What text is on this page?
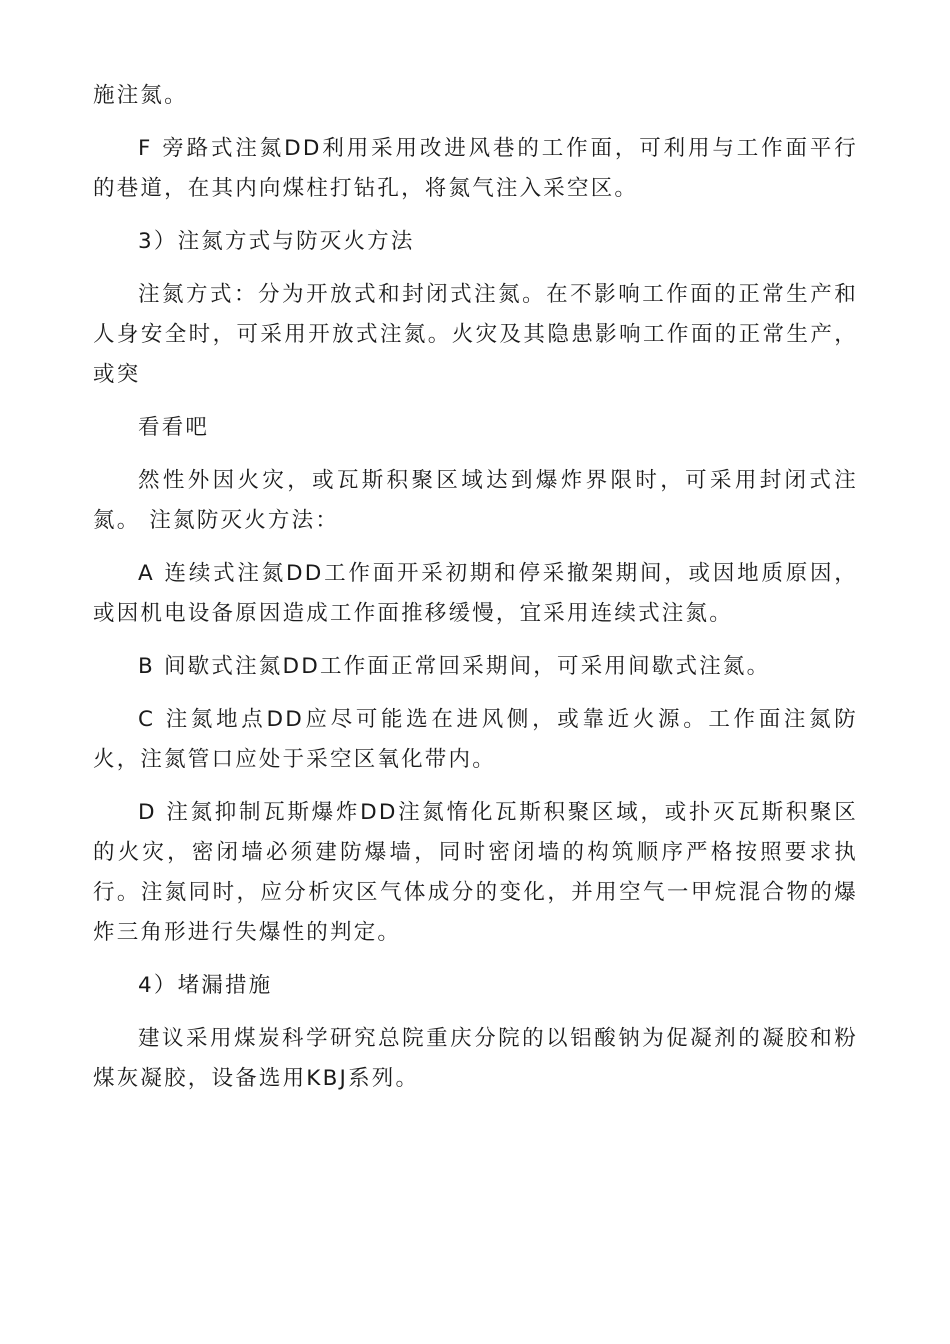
施注氮。

F 旁路式注氮DD利用采用改进风巷的工作面，可利用与工作面平行的巷道，在其内向煤柱打钻孔，将氮气注入采空区。

3）注氮方式与防灭火方法

注氮方式：分为开放式和封闭式注氮。在不影响工作面的正常生产和人身安全时，可采用开放式注氮。火灾及其隐患影响工作面的正常生产，或突

看看吧

然性外因火灾，或瓦斯积聚区域达到爆炸界限时，可采用封闭式注氮。 注氮防灭火方法：

A 连续式注氮DD工作面开采初期和停采撤架期间，或因地质原因，或因机电设备原因造成工作面推移缓慢，宜采用连续式注氮。

B 间歇式注氮DD工作面正常回采期间，可采用间歇式注氮。

C 注氮地点DD应尽可能选在进风侧，或靠近火源。工作面注氮防火，注氮管口应处于采空区氧化带内。

D 注氮抑制瓦斯爆炸DD注氮惰化瓦斯积聚区域，或扑灭瓦斯积聚区的火灾，密闭墙必须建防爆墙，同时密闭墙的构筑顺序严格按照要求执行。注氮同时，应分析灾区气体成分的变化，并用空气一甲烷混合物的爆炸三角形进行失爆性的判定。

4）堵漏措施

建议采用煤炭科学研究总院重庆分院的以铝酸钠为促凝剂的凝胶和粉煤灰凝胶，设备选用KBJ系列。
